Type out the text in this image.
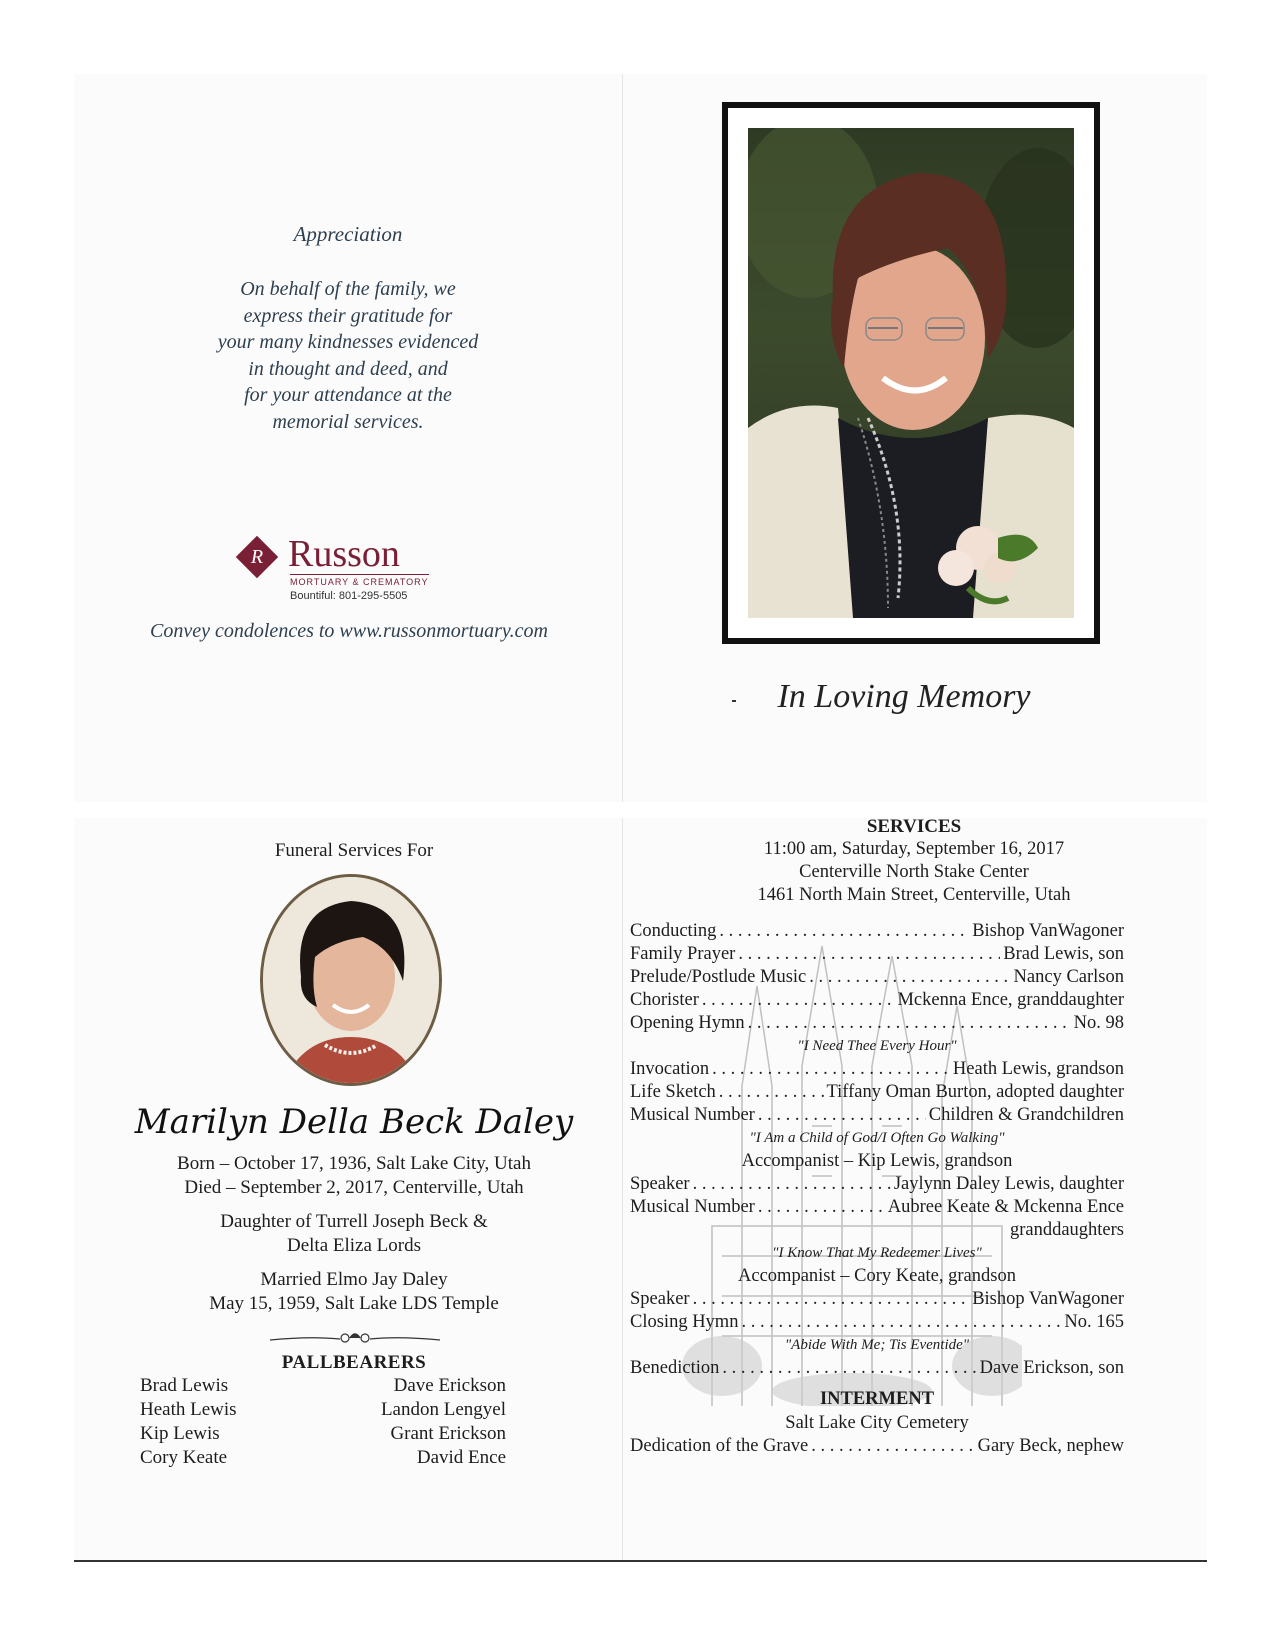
Appreciation
On behalf of the family, we
express their gratitude for
your many kindnesses evidenced
in thought and deed, and
for your attendance at the
memorial services.
R Russon
MORTUARY & CREMATORY
Bountiful: 801-295-5505
Convey condolences to www.russonmortuary.com
In Loving Memory
Funeral Services For
Marilyn Della Beck Daley
Born – October 17, 1936, Salt Lake City, Utah
Died – September 2, 2017, Centerville, Utah
Daughter of Turrell Joseph Beck &
Delta Eliza Lords
Married Elmo Jay Daley
May 15, 1959, Salt Lake LDS Temple
PALLBEARERS
Brad Lewis
Heath Lewis
Kip Lewis
Cory Keate
Dave Erickson
Landon Lengyel
Grant Erickson
David Ence
SERVICES
11:00 am, Saturday, September 16, 2017
Centerville North Stake Center
1461 North Main Street, Centerville, Utah
Conducting . . .	Bishop VanWagoner
Family Prayer . . .	Brad Lewis, son
Prelude/Postlude Music . . .	Nancy Carlson
Chorister . . .	Mckenna Ence, granddaughter
Opening Hymn . . .	No. 98
"I Need Thee Every Hour"
Invocation . . .	Heath Lewis, grandson
Life Sketch . . .	Tiffany Oman Burton, adopted daughter
Musical Number . . .	Children & Grandchildren
"I Am a Child of God/I Often Go Walking"
Accompanist – Kip Lewis, grandson
Speaker . . .	Jaylynn Daley Lewis, daughter
Musical Number . . .	Aubree Keate & Mckenna Ence
granddaughters
"I Know That My Redeemer Lives"
Accompanist – Cory Keate, grandson
Speaker . . .	Bishop VanWagoner
Closing Hymn . . .	No. 165
"Abide With Me; Tis Eventide"
Benediction . . .	Dave Erickson, son
INTERMENT
Salt Lake City Cemetery
Dedication of the Grave . . .	Gary Beck, nephew
